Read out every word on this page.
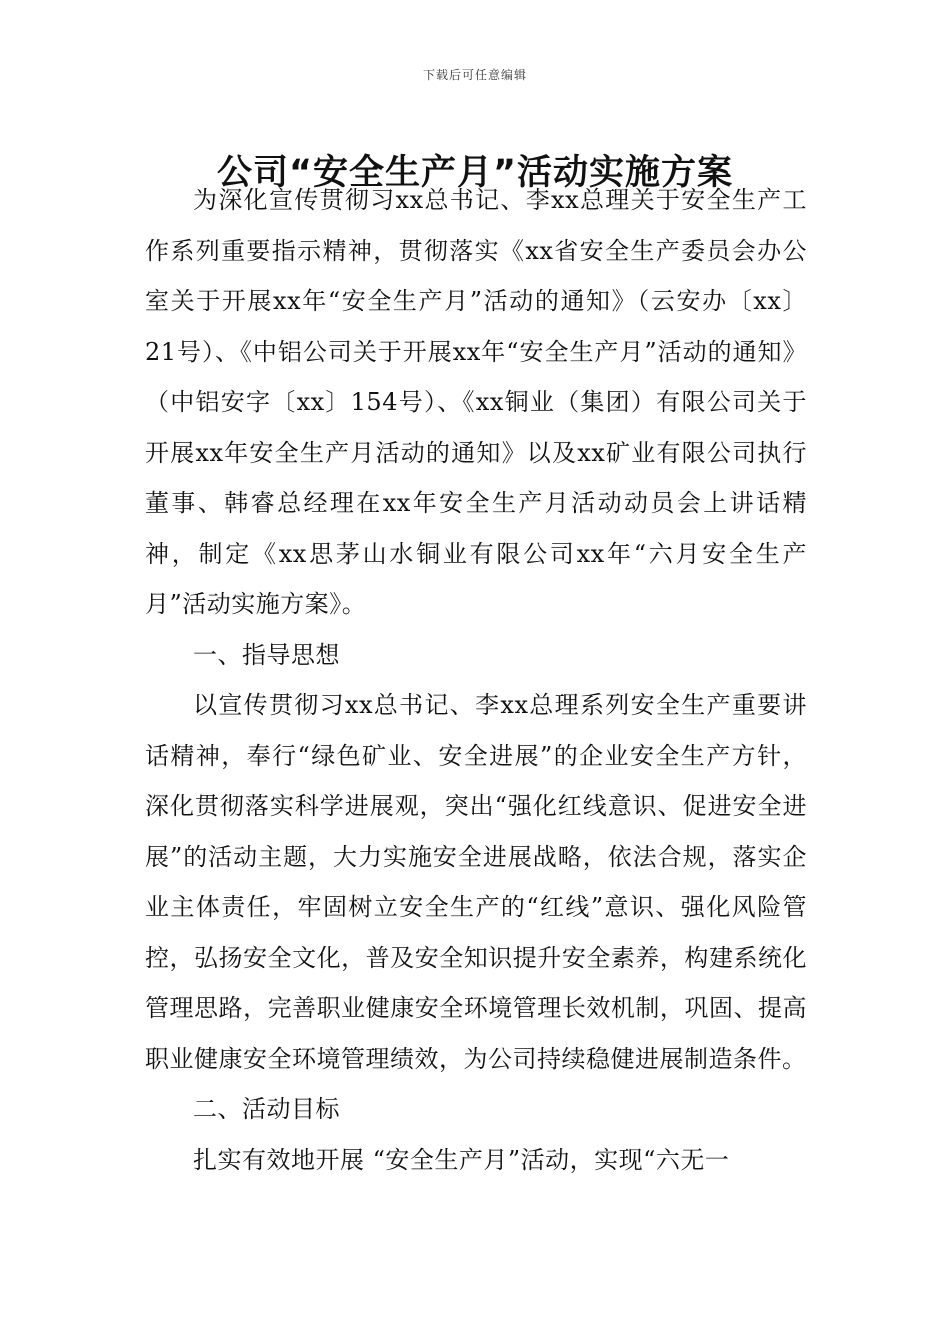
下载后可任意编辑
公司“安全生产月”活动实施方案

为深化宣传贯彻习xx总书记、李xx总理关于安全生产工作系列重要指示精神，贯彻落实《xx省安全生产委员会办公室关于开展xx年“安全生产月”活动的通知》（云安办〔xx〕21号）、《中铝公司关于开展xx年“安全生产月”活动的通知》（中铝安字〔xx〕154号）、《xx铜业（集团）有限公司关于开展xx年安全生产月活动的通知》以及xx矿业有限公司执行董事、韩睿总经理在xx年安全生产月活动动员会上讲话精神，制定《xx思茅山水铜业有限公司xx年“六月安全生产月”活动实施方案》。

一、指导思想

以宣传贯彻习xx总书记、李xx总理系列安全生产重要讲话精神，奉行“绿色矿业、安全进展”的企业安全生产方针，深化贯彻落实科学进展观，突出“强化红线意识、促进安全进展”的活动主题，大力实施安全进展战略，依法合规，落实企业主体责任，牢固树立安全生产的“红线”意识、强化风险管控，弘扬安全文化，普及安全知识提升安全素养，构建系统化管理思路，完善职业健康安全环境管理长效机制，巩固、提高职业健康安全环境管理绩效，为公司持续稳健进展制造条件。

二、活动目标

扎实有效地开展 “安全生产月”活动，实现“六无一
